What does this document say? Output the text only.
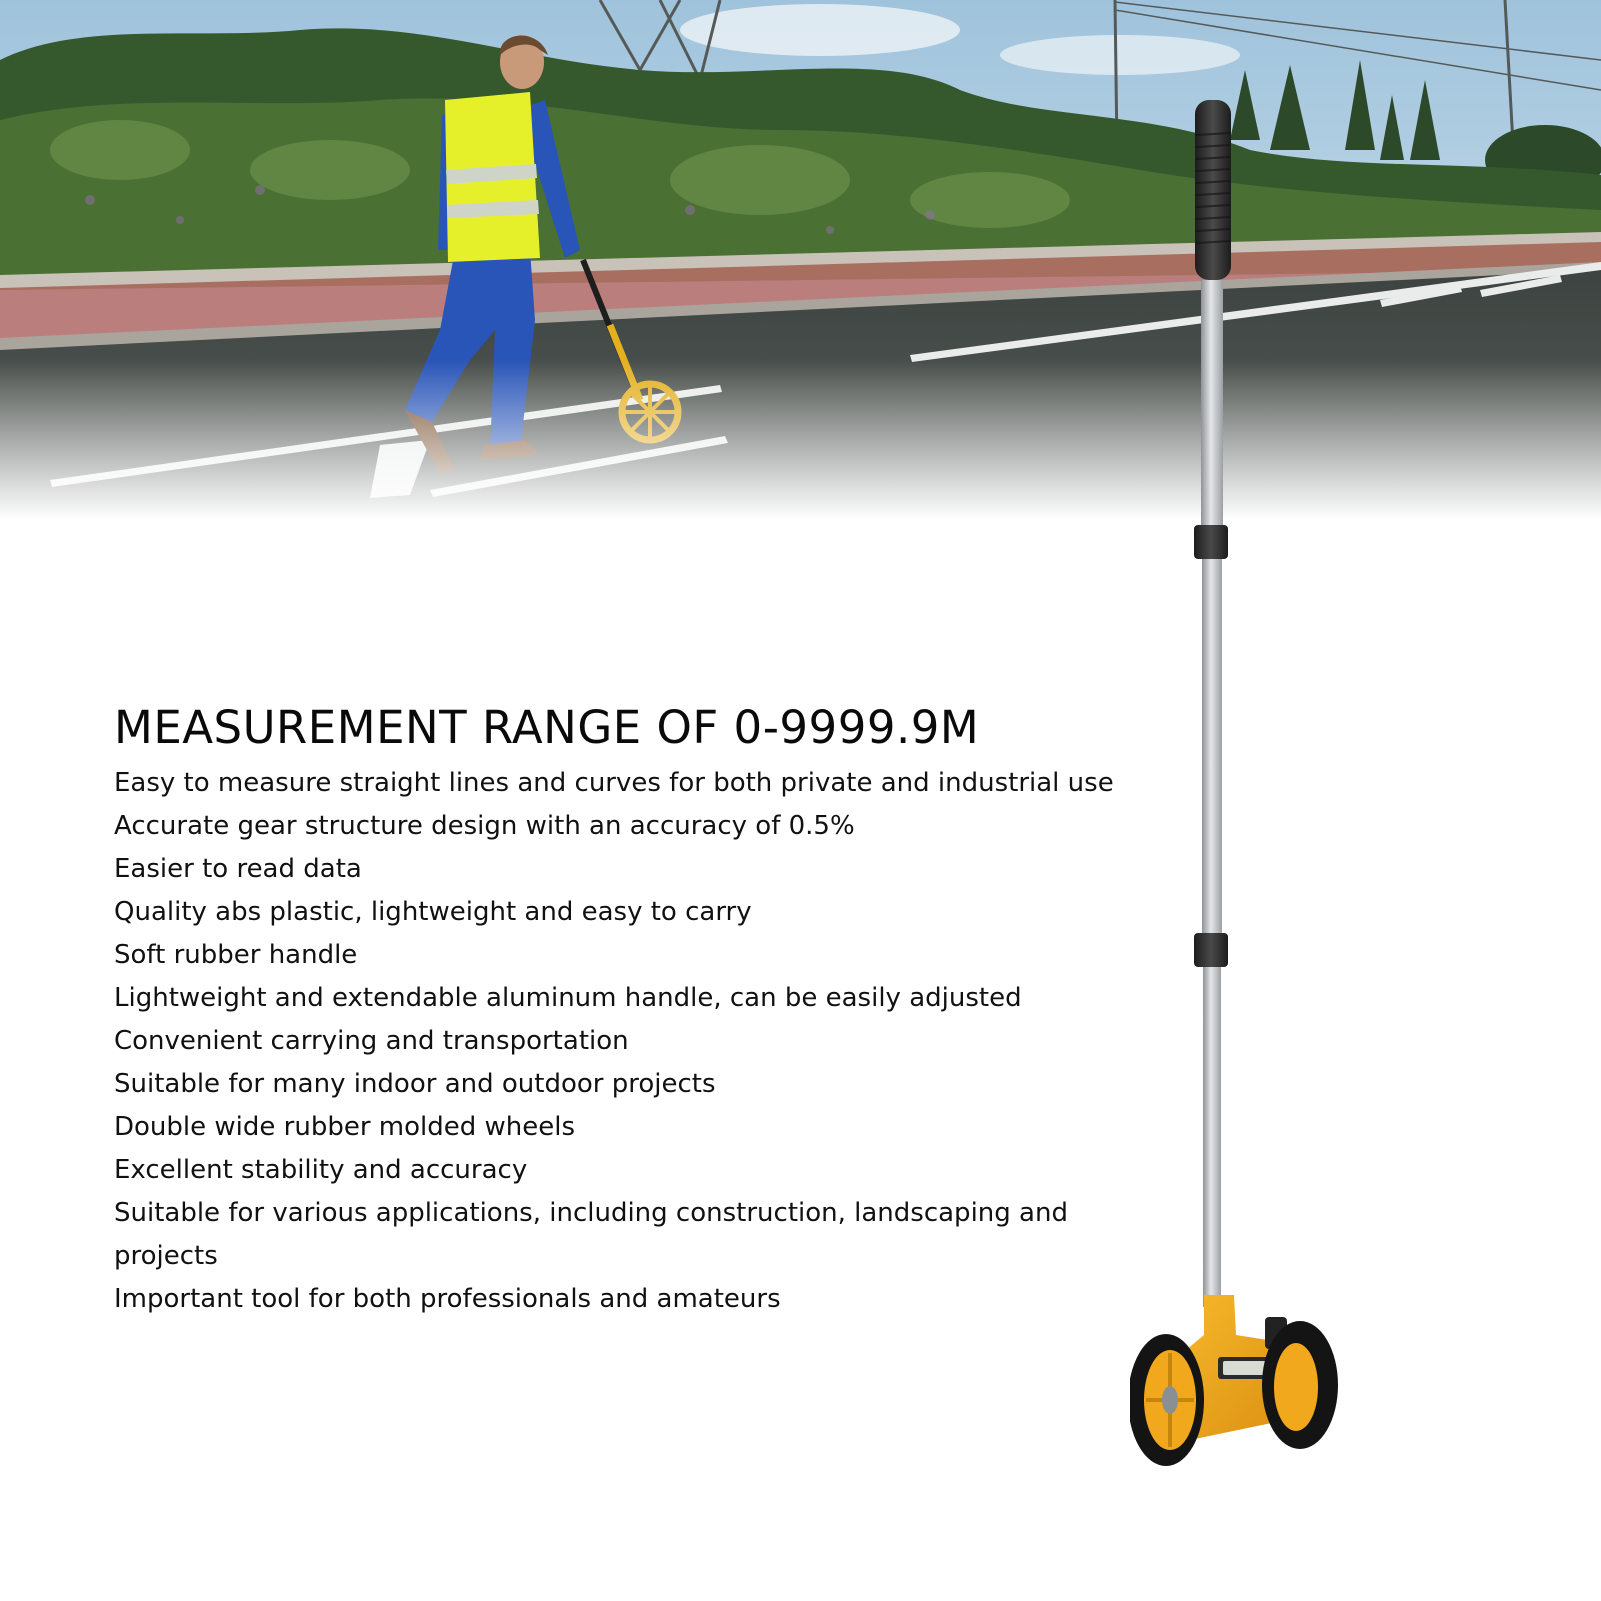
MEASUREMENT RANGE OF 0-9999.9M
Easy to measure straight lines and curves for both private and industrial use
Accurate gear structure design with an accuracy of 0.5%
Easier to read data
Quality abs plastic, lightweight and easy to carry
Soft rubber handle
Lightweight and extendable aluminum handle, can be easily adjusted
Convenient carrying and transportation
Suitable for many indoor and outdoor projects
Double wide rubber molded wheels
Excellent stability and accuracy
Suitable for various applications, including construction, landscaping and projects
Important tool for both professionals and amateurs
